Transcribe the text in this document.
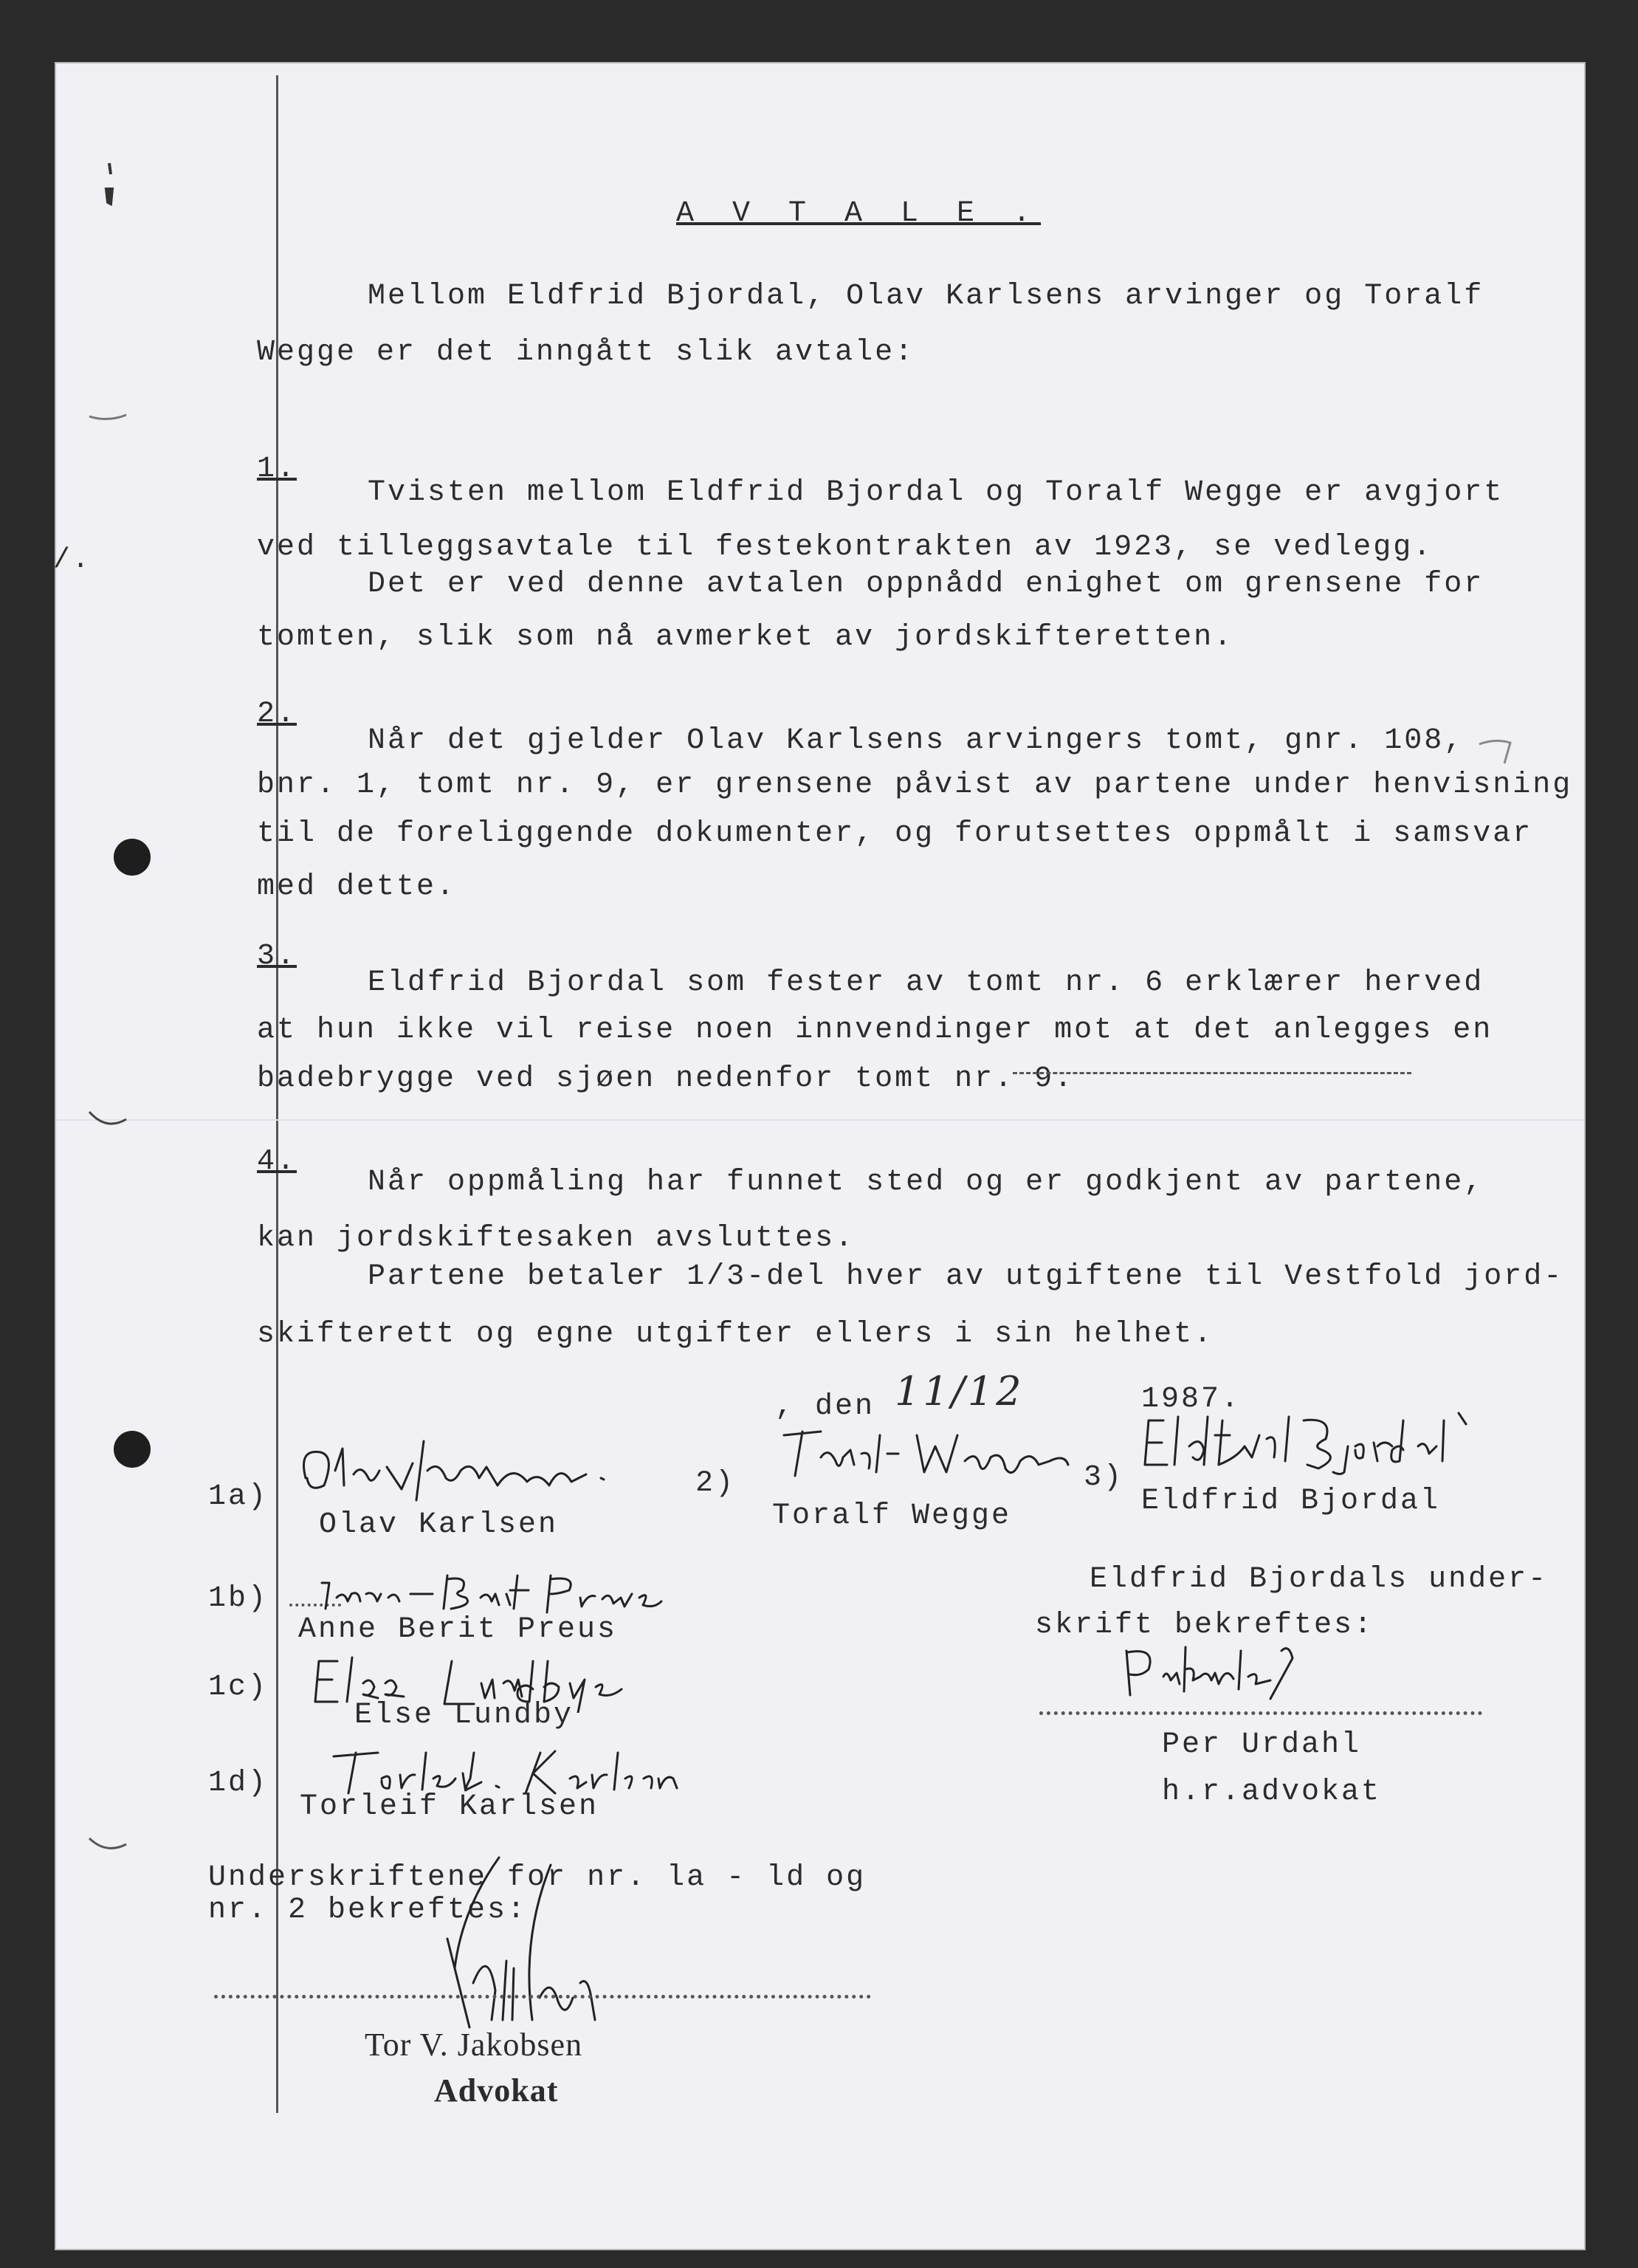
/.
A V T A L E .
Mellom Eldfrid Bjordal, Olav Karlsens arvinger og Toralf
Wegge er det inngått slik avtale:
1.
Tvisten mellom Eldfrid Bjordal og Toralf Wegge er avgjort
ved tilleggsavtale til festekontrakten av 1923, se vedlegg.
Det er ved denne avtalen oppnådd enighet om grensene for
tomten, slik som nå avmerket av jordskifteretten.
2.
Når det gjelder Olav Karlsens arvingers tomt, gnr. 108,
bnr. 1, tomt nr. 9, er grensene påvist av partene under henvisning
til de foreliggende dokumenter, og forutsettes oppmålt i samsvar
med dette.
3.
Eldfrid Bjordal som fester av tomt nr. 6 erklærer herved
at hun ikke vil reise noen innvendinger mot at det anlegges en
badebrygge ved sjøen nedenfor tomt nr. 9.
4.
Når oppmåling har funnet sted og er godkjent av partene,
kan jordskiftesaken avsluttes.
Partene betaler 1/3-del hver av utgiftene til Vestfold jord-
skifterett og egne utgifter ellers i sin helhet.
, den 11/12	1987.
1a)
Olav Karlsen
2)
Toralf Wegge
3)
Eldfrid Bjordal
1b)
Anne Berit Preus
Eldfrid Bjordals under-
skrift bekreftes:
1c)
Else Lundby
Per Urdahl
h.r.advokat
1d)
Torleif Karlsen
Underskriftene for nr. la - ld og
nr. 2 bekreftes:
Tor V. Jakobsen
Advokat
